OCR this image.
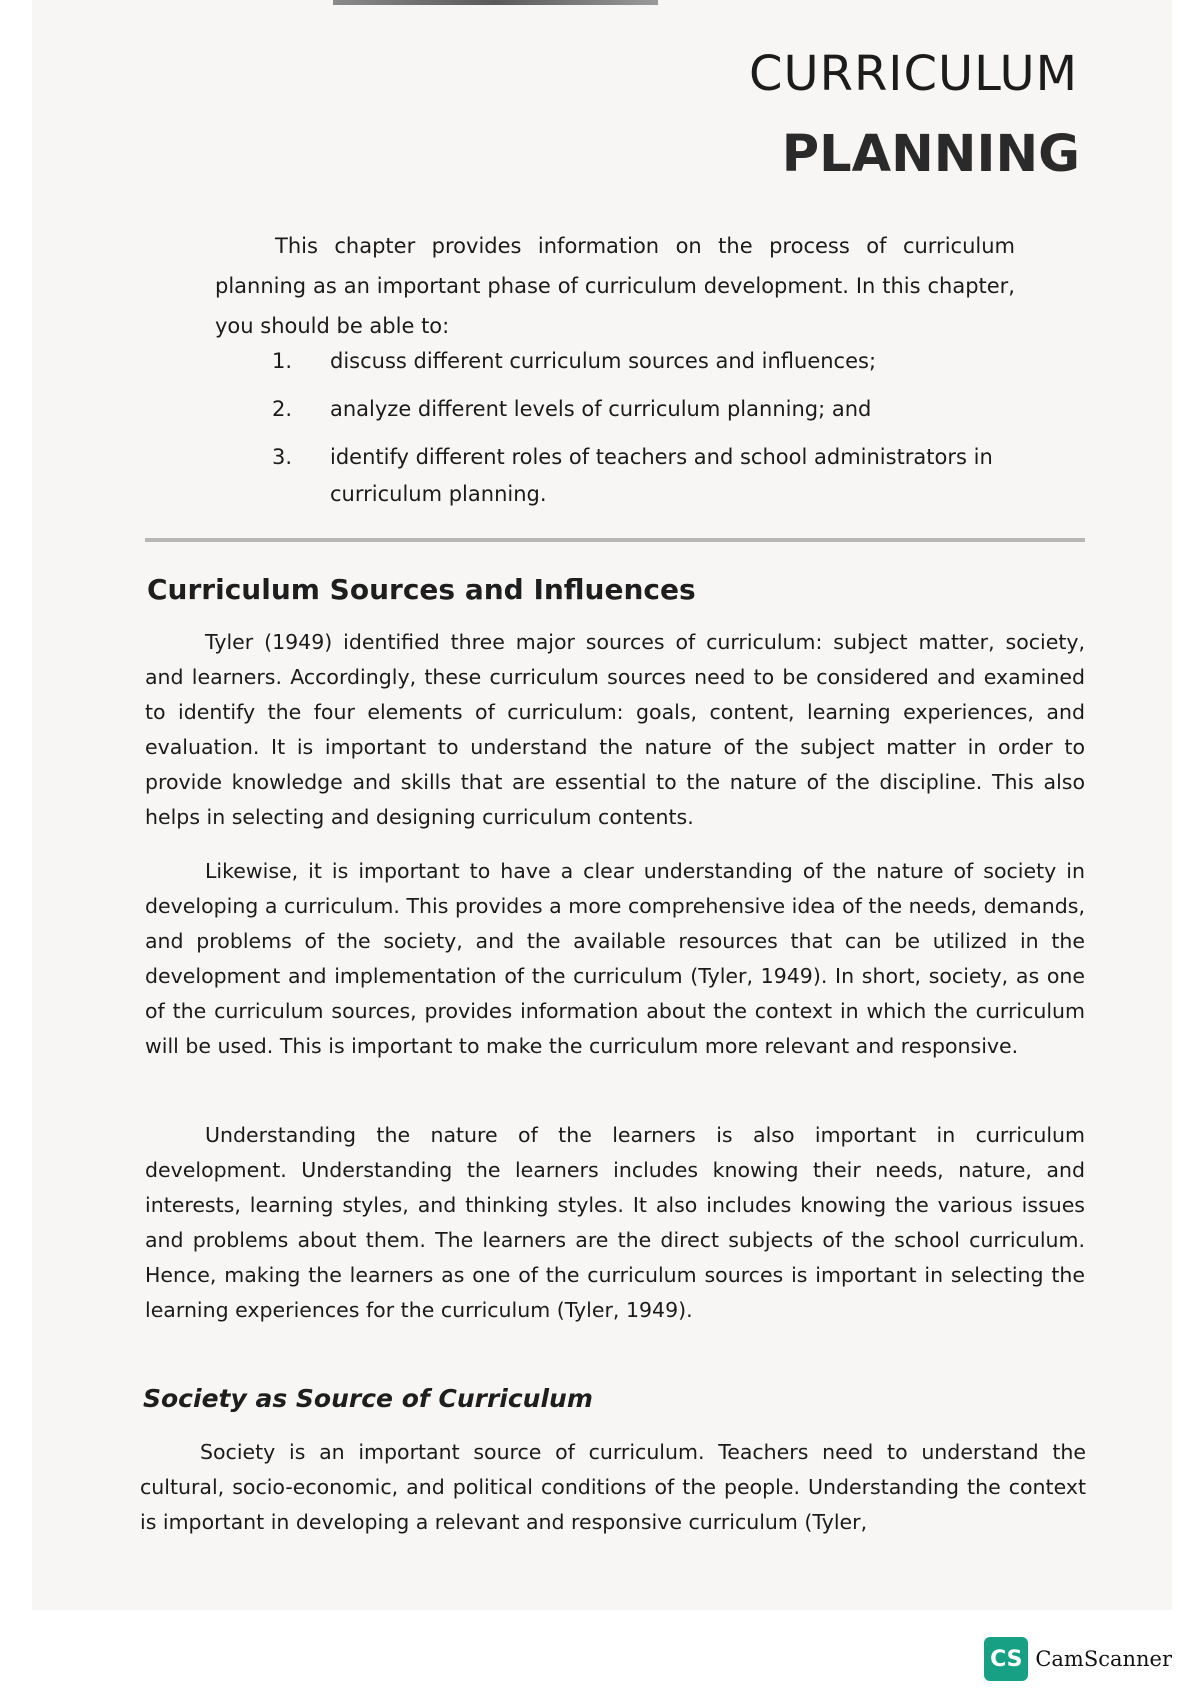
CURRICULUM
PLANNING

This chapter provides information on the process of curriculum planning as an important phase of curriculum development. In this chapter, you should be able to:

1.	discuss different curriculum sources and influences;
2.	analyze different levels of curriculum planning; and
3.	identify different roles of teachers and school administrators in curriculum planning.
Curriculum Sources and Influences

Tyler (1949) identified three major sources of curriculum: subject matter, society, and learners. Accordingly, these curriculum sources need to be considered and examined to identify the four elements of curriculum: goals, content, learning experiences, and evaluation. It is important to understand the nature of the subject matter in order to provide knowledge and skills that are essential to the nature of the discipline. This also helps in selecting and designing curriculum contents.

Likewise, it is important to have a clear understanding of the nature of society in developing a curriculum. This provides a more comprehensive idea of the needs, demands, and problems of the society, and the available resources that can be utilized in the development and implementation of the curriculum (Tyler, 1949). In short, society, as one of the curriculum sources, provides information about the context in which the curriculum will be used. This is important to make the curriculum more relevant and responsive.

Understanding the nature of the learners is also important in curriculum development. Understanding the learners includes knowing their needs, nature, and interests, learning styles, and thinking styles. It also includes knowing the various issues and problems about them. The learners are the direct subjects of the school curriculum. Hence, making the learners as one of the curriculum sources is important in selecting the learning experiences for the curriculum (Tyler, 1949).

Society as Source of Curriculum

Society is an important source of curriculum. Teachers need to understand the cultural, socio-economic, and political conditions of the people. Understanding the context is important in developing a relevant and responsive curriculum (Tyler,

CS CamScanner
